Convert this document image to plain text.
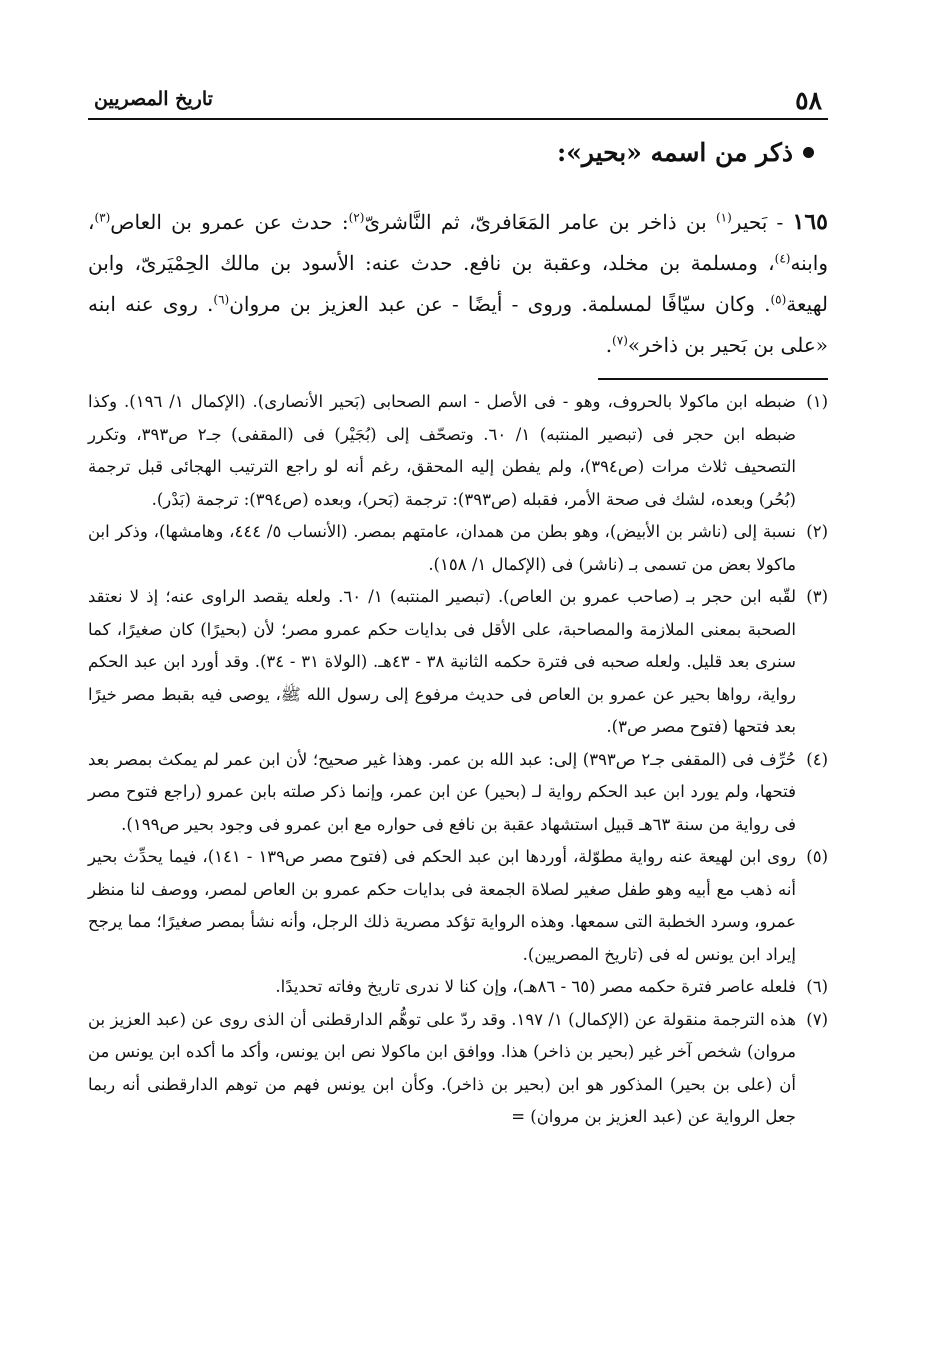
٥٨
تاريخ المصريين
ذكر من اسمه «بحير»:

١٦٥ - بَحير$^{(١)}$ بن ذاخر بن عامر المَعَافرىّ، ثم النَّاشرىّ$^{(٢)}$: حدث عن عمرو بن العاص$^{(٣)}$، وابنه$^{(٤)}$، ومسلمة بن مخلد، وعقبة بن نافع. حدث عنه: الأسود بن مالك الحِمْيَرىّ، وابن لهيعة$^{(٥)}$. وكان سيّافًا لمسلمة. وروى - أيضًا - عن عبد العزيز بن مروان$^{(٦)}$. روى عنه ابنه «على بن بَحير بن ذاخر»$^{(٧)}$.

(١)
ضبطه ابن ماكولا بالحروف، وهو - فى الأصل - اسم الصحابى (بَحير الأنصارى). (الإكمال ١/ ١٩٦). وكذا ضبطه ابن حجر فى (تبصير المنتبه) ١/ ٦٠. وتصحّف إلى (بُجَيْر) فى (المقفى) جـ٢ ص٣٩٣، وتكرر التصحيف ثلاث مرات (ص٣٩٤)، ولم يفطن إليه المحقق، رغم أنه لو راجع الترتيب الهجائى قبل ترجمة (بُحُر) وبعده، لشك فى صحة الأمر، فقبله (ص٣٩٣): ترجمة (بَحر)، وبعده (ص٣٩٤): ترجمة (بَدْر).
(٢)
نسبة إلى (ناشر بن الأبيض)، وهو بطن من همدان، عامتهم بمصر. (الأنساب ٥/ ٤٤٤، وهامشها)، وذكر ابن ماكولا بعض من تسمى بـ (ناشر) فى (الإكمال ١/ ١٥٨).
(٣)
لقّبه ابن حجر بـ (صاحب عمرو بن العاص). (تبصير المنتبه) ١/ ٦٠. ولعله يقصد الراوى عنه؛ إذ لا نعتقد الصحبة بمعنى الملازمة والمصاحبة، على الأقل فى بدايات حكم عمرو مصر؛ لأن (بحيرًا) كان صغيرًا، كما سنرى بعد قليل. ولعله صحبه فى فترة حكمه الثانية ٣٨ - ٤٣هـ. (الولاة ٣١ - ٣٤). وقد أورد ابن عبد الحكم رواية، رواها بحير عن عمرو بن العاص فى حديث مرفوع إلى رسول الله ﷺ، يوصى فيه بقبط مصر خيرًا بعد فتحها (فتوح مصر ص٣).
(٤)
حُرِّف فى (المقفى جـ٢ ص٣٩٣) إلى: عبد الله بن عمر. وهذا غير صحيح؛ لأن ابن عمر لم يمكث بمصر بعد فتحها، ولم يورد ابن عبد الحكم رواية لـ (بحير) عن ابن عمر، وإنما ذكر صلته بابن عمرو (راجع فتوح مصر فى رواية من سنة ٦٣هـ قبيل استشهاد عقبة بن نافع فى حواره مع ابن عمرو فى وجود بحير ص١٩٩).
(٥)
روى ابن لهيعة عنه رواية مطوّلة، أوردها ابن عبد الحكم فى (فتوح مصر ص١٣٩ - ١٤١)، فيما يحدِّث بحير أنه ذهب مع أبيه وهو طفل صغير لصلاة الجمعة فى بدايات حكم عمرو بن العاص لمصر، ووصف لنا منظر عمرو، وسرد الخطبة التى سمعها. وهذه الرواية تؤكد مصرية ذلك الرجل، وأنه نشأ بمصر صغيرًا؛ مما يرجح إيراد ابن يونس له فى (تاريخ المصريين).
(٦)
فلعله عاصر فترة حكمه مصر (٦٥ - ٨٦هـ)، وإن كنا لا ندرى تاريخ وفاته تحديدًا.
(٧)
هذه الترجمة منقولة عن (الإكمال) ١/ ١٩٧. وقد ردّ على توهُّم الدارقطنى أن الذى روى عن (عبد العزيز بن مروان) شخص آخر غير (بحير بن ذاخر) هذا. ووافق ابن ماكولا نص ابن يونس، وأكد ما أكده ابن يونس من أن (على بن بحير) المذكور هو ابن (بحير بن ذاخر). وكأن ابن يونس فهم من توهم الدارقطنى أنه ربما جعل الرواية عن (عبد العزيز بن مروان) =
